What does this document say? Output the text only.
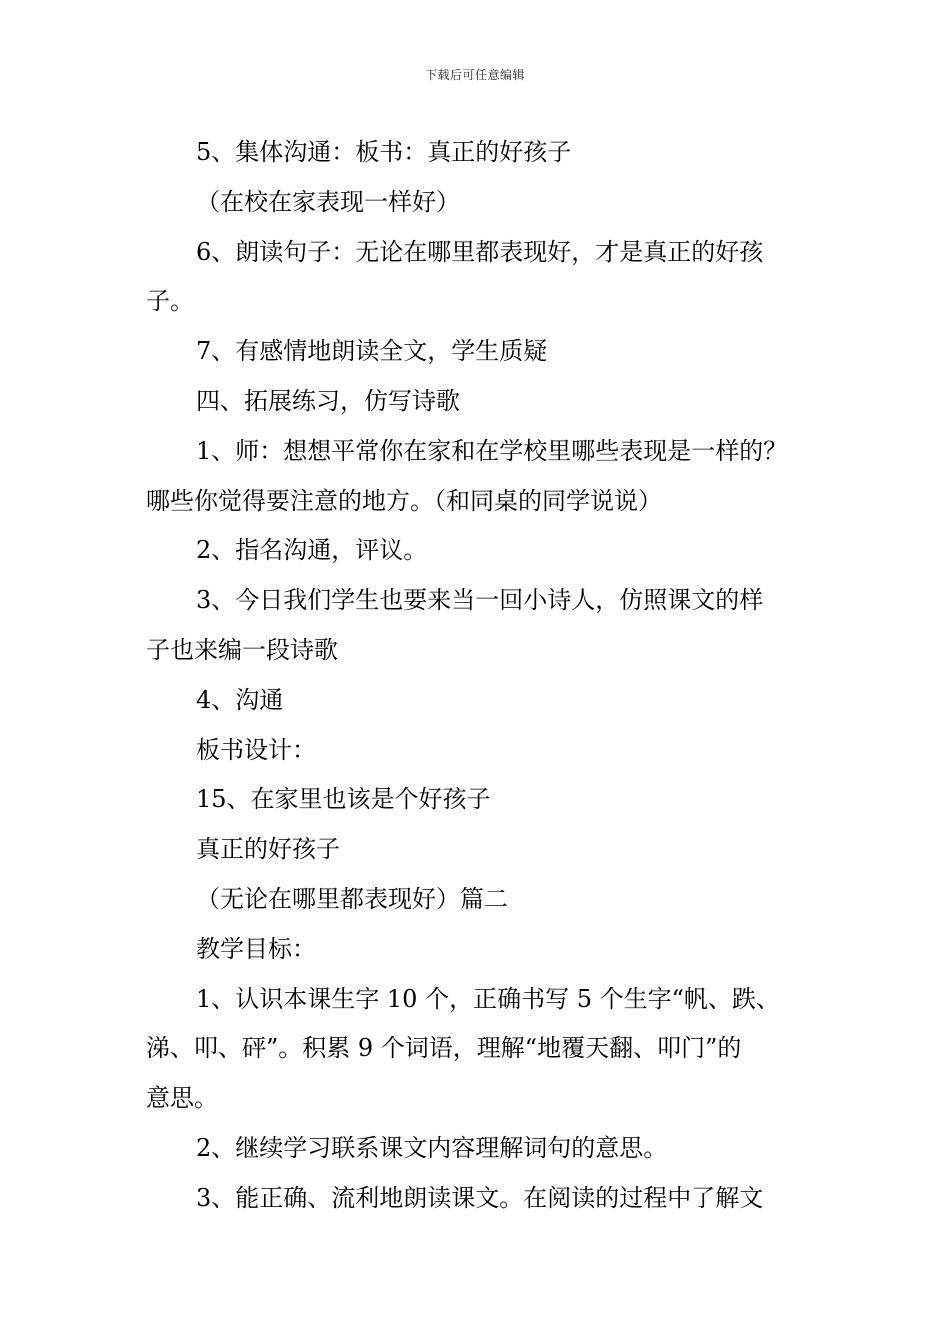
下载后可任意编辑

5、集体沟通：板书：真正的好孩子

（在校在家表现一样好）

6、朗读句子：无论在哪里都表现好，才是真正的好孩

子。

7、有感情地朗读全文，学生质疑

四、拓展练习，仿写诗歌

1、师：想想平常你在家和在学校里哪些表现是一样的？

哪些你觉得要注意的地方。（和同桌的同学说说）

2、指名沟通，评议。

3、今日我们学生也要来当一回小诗人，仿照课文的样

子也来编一段诗歌

4、沟通

板书设计：

15、在家里也该是个好孩子

真正的好孩子

（无论在哪里都表现好）篇二

教学目标：

1、认识本课生字 10 个，正确书写 5 个生字“帆、跌、

涕、叩、砰”。积累 9 个词语，理解“地覆天翻、叩门”的

意思。

2、继续学习联系课文内容理解词句的意思。

3、能正确、流利地朗读课文。在阅读的过程中了解文
